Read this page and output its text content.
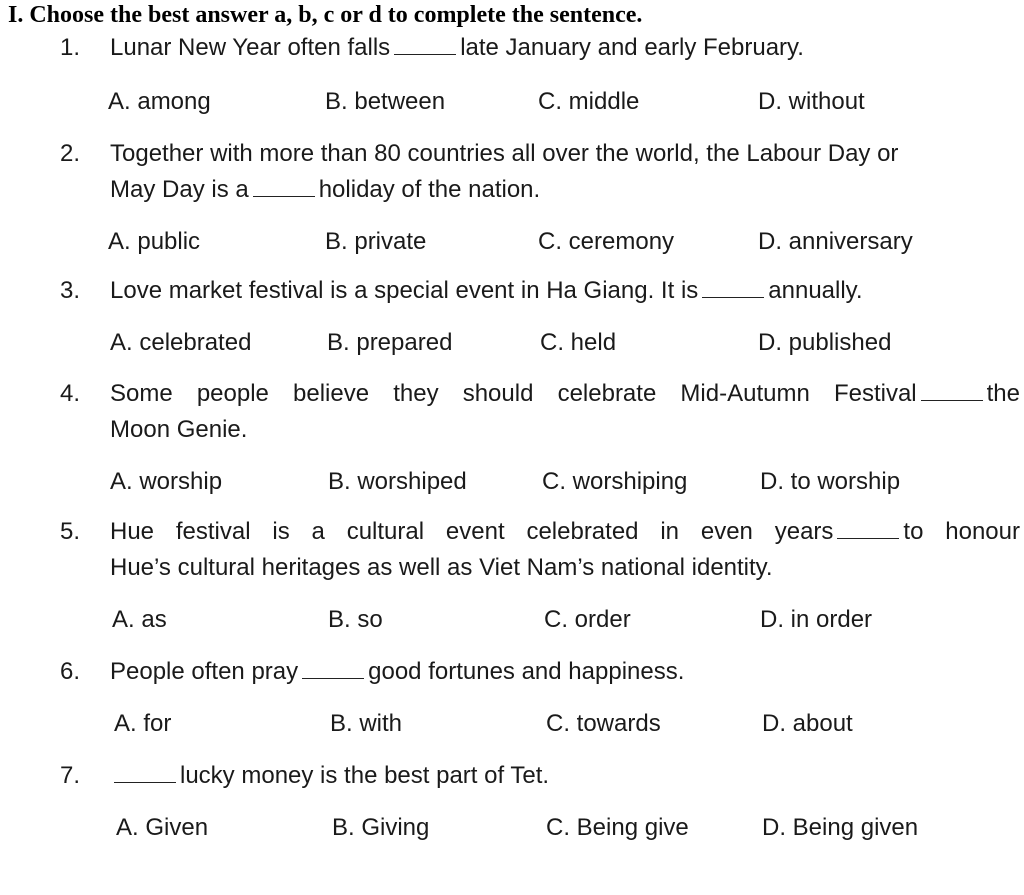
I. Choose the best answer a, b, c or d to complete the sentence.
1.	Lunar New Year often falls	late January and early February.
A. among	B. between	C. middle	D. without
2.	Together with more than 80 countries all over the world, the Labour Day or
May Day is a	holiday of the nation.
A. public	B. private	C. ceremony	D. anniversary
3.	Love market festival is a special event in Ha Giang. It is	annually.
A. celebrated	B. prepared	C. held	D. published
4.	Some people believe they should celebrate Mid-Autumn Festival	the
Moon Genie.
A. worship	B. worshiped	C. worshiping	D. to worship
5.	Hue festival is a cultural event celebrated in even years	to honour
Hue’s cultural heritages as well as Viet Nam’s national identity.
A. as	B. so	C. order	D. in order
6.	People often pray	good fortunes and happiness.
A. for	B. with	C. towards	D. about
7.	lucky money is the best part of Tet.
A. Given	B. Giving	C. Being give	D. Being given
